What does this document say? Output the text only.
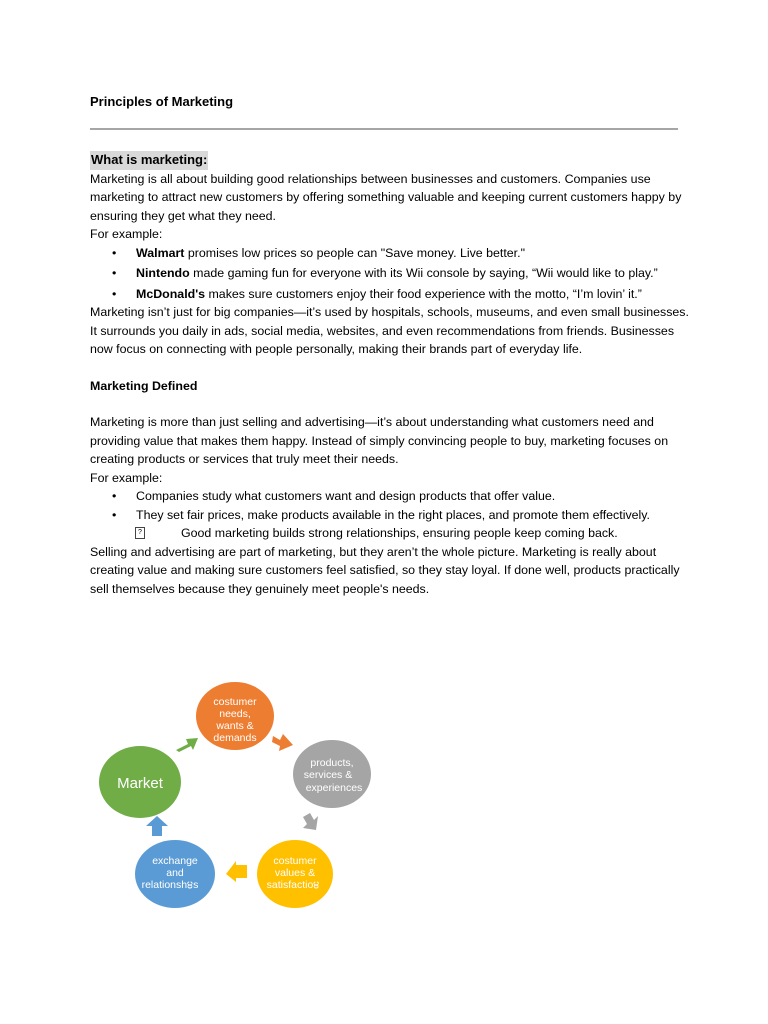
Principles of Marketing

What is marketing:

Marketing is all about building good relationships between businesses and customers. Companies use marketing to attract new customers by offering something valuable and keeping current customers happy by ensuring they get what they need.

For example:

• Walmart promises low prices so people can "Save money. Live better."
• Nintendo made gaming fun for everyone with its Wii console by saying, “Wii would like to play.”
• McDonald's makes sure customers enjoy their food experience with the motto, “I’m lovin’ it.”

Marketing isn’t just for big companies—it’s used by hospitals, schools, museums, and even small businesses. It surrounds you daily in ads, social media, websites, and even recommendations from friends. Businesses now focus on connecting with people personally, making their brands part of everyday life.

Marketing Defined

Marketing is more than just selling and advertising—it’s about understanding what customers need and providing value that makes them happy. Instead of simply convincing people to buy, marketing focuses on creating products or services that truly meet their needs.

For example:

• Companies study what customers want and design products that offer value.
• They set fair prices, make products available in the right places, and promote them effectively.
?	Good marketing builds strong relationships, ensuring people keep coming back.

Selling and advertising are part of marketing, but they aren’t the whole picture. Marketing is really about creating value and making sure customers feel satisfied, so they stay loyal. If done well, products practically sell themselves because they genuinely meet people's needs.

Market
costumer
needs,
wants &
demands
products,
services &
experiences
costumer
values &
satisfactio੪
exchange
and
relationsh੪s
